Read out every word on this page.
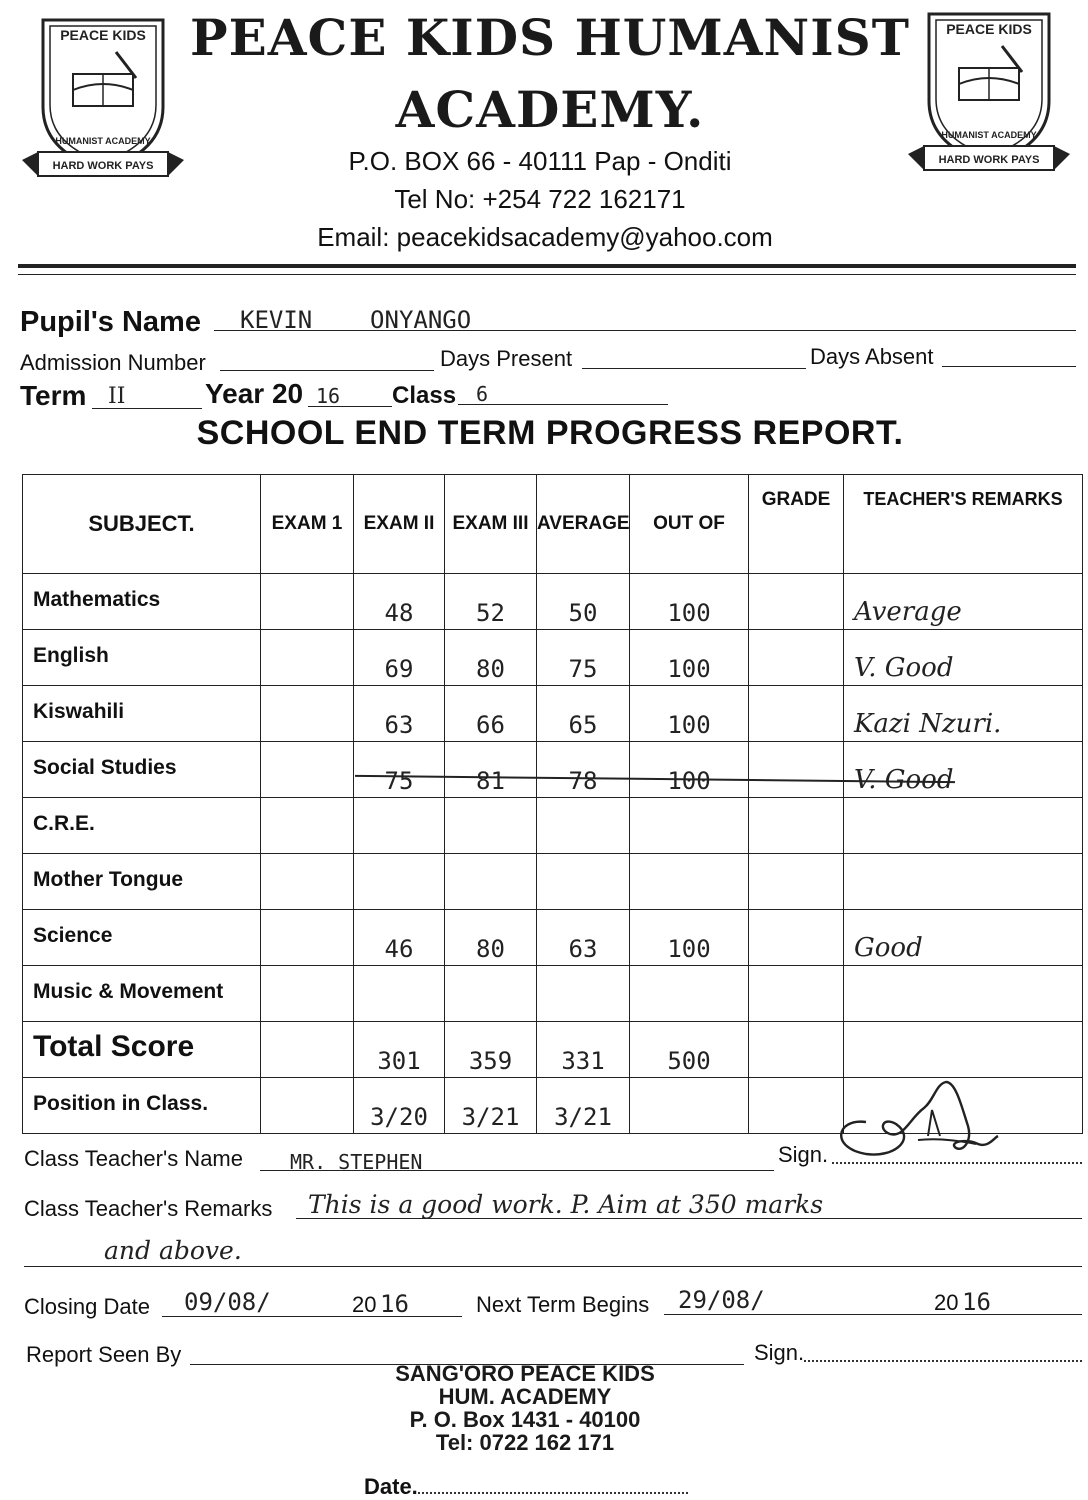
PEACE KIDS
HARD WORK PAYS
HUMANIST ACADEMY
PEACE KIDS
HARD WORK PAYS
HUMANIST ACADEMY
PEACE KIDS HUMANIST
ACADEMY.
P.O. BOX 66 - 40111 Pap - Onditi
Tel No: +254 722 162171
Email: peacekidsacademy@yahoo.com
Pupil's Name KEVIN    ONYANGO
Admission Number	Days Present	Days Absent
Term II	Year 20 16 Class 6
SCHOOL END TERM PROGRESS REPORT.
SUBJECT.	EXAM 1	EXAM II	EXAM III	AVERAGE	OUT OF	GRADE	TEACHER'S REMARKS
Mathematics		48	52	50	100		Average

English		69	80	75	100		V. Good

Kiswahili		63	66	65	100		Kazi Nzuri.

Social Studies		75	81	78	100		V. Good

C.R.E.	

Mother Tongue	

Science		46	80	63	100		Good

Music & Movement	

Total Score		301	359	331	500		

Position in Class.		3/20	3/21	3/21			

Class Teacher's Name MR. STEPHEN	Sign.
Class Teacher's Remarks This is a good work. P. Aim at 350 marks
and above.
Closing Date 09/08/	20 16	Next Term Begins 29/08/	20 16
Report Seen By	Sign.
SANG'ORO PEACE KIDS
HUM. ACADEMY
P. O. Box 1431 - 40100
Tel: 0722 162 171
Date.
